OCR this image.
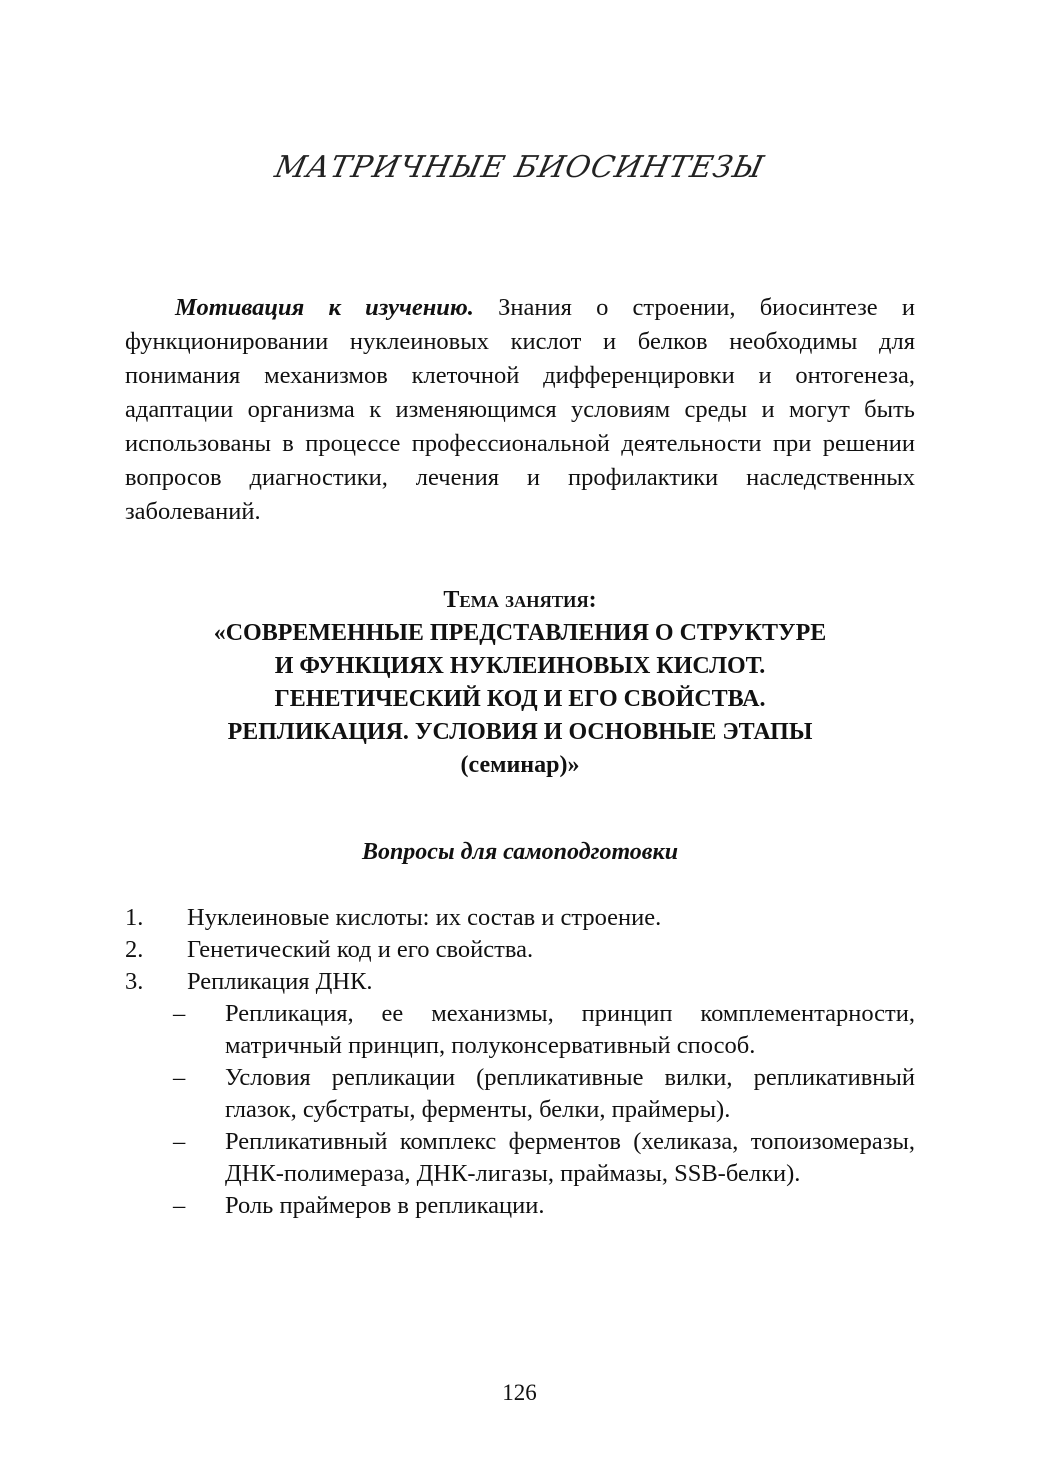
МАТРИЧНЫЕ БИОСИНТЕЗЫ

Мотивация к изучению. Знания о строении, биосинтезе и функционировании нуклеиновых кислот и белков необходимы для понимания механизмов клеточной дифференцировки и онтогенеза, адаптации организма к изменяющимся условиям среды и могут быть использованы в процессе профессиональной деятельности при решении вопросов диагностики, лечения и профилактики наследственных заболеваний.

Тема занятия:
«СОВРЕМЕННЫЕ ПРЕДСТАВЛЕНИЯ О СТРУКТУРЕ
И ФУНКЦИЯХ НУКЛЕИНОВЫХ КИСЛОТ.
ГЕНЕТИЧЕСКИЙ КОД И ЕГО СВОЙСТВА.
РЕПЛИКАЦИЯ. УСЛОВИЯ И ОСНОВНЫЕ ЭТАПЫ
(семинар)»
Вопросы для самоподготовки
1. Нуклеиновые кислоты: их состав и строение.
2. Генетический код и его свойства.
3. Репликация ДНК.
– Репликация, ее механизмы, принцип комплементарности, матричный принцип, полуконсервативный способ.
– Условия репликации (репликативные вилки, репликативный глазок, субстраты, ферменты, белки, праймеры).
– Репликативный комплекс ферментов (хеликаза, топоизомеразы, ДНК-полимераза, ДНК-лигазы, праймазы, SSB-белки).
– Роль праймеров в репликации.
126
